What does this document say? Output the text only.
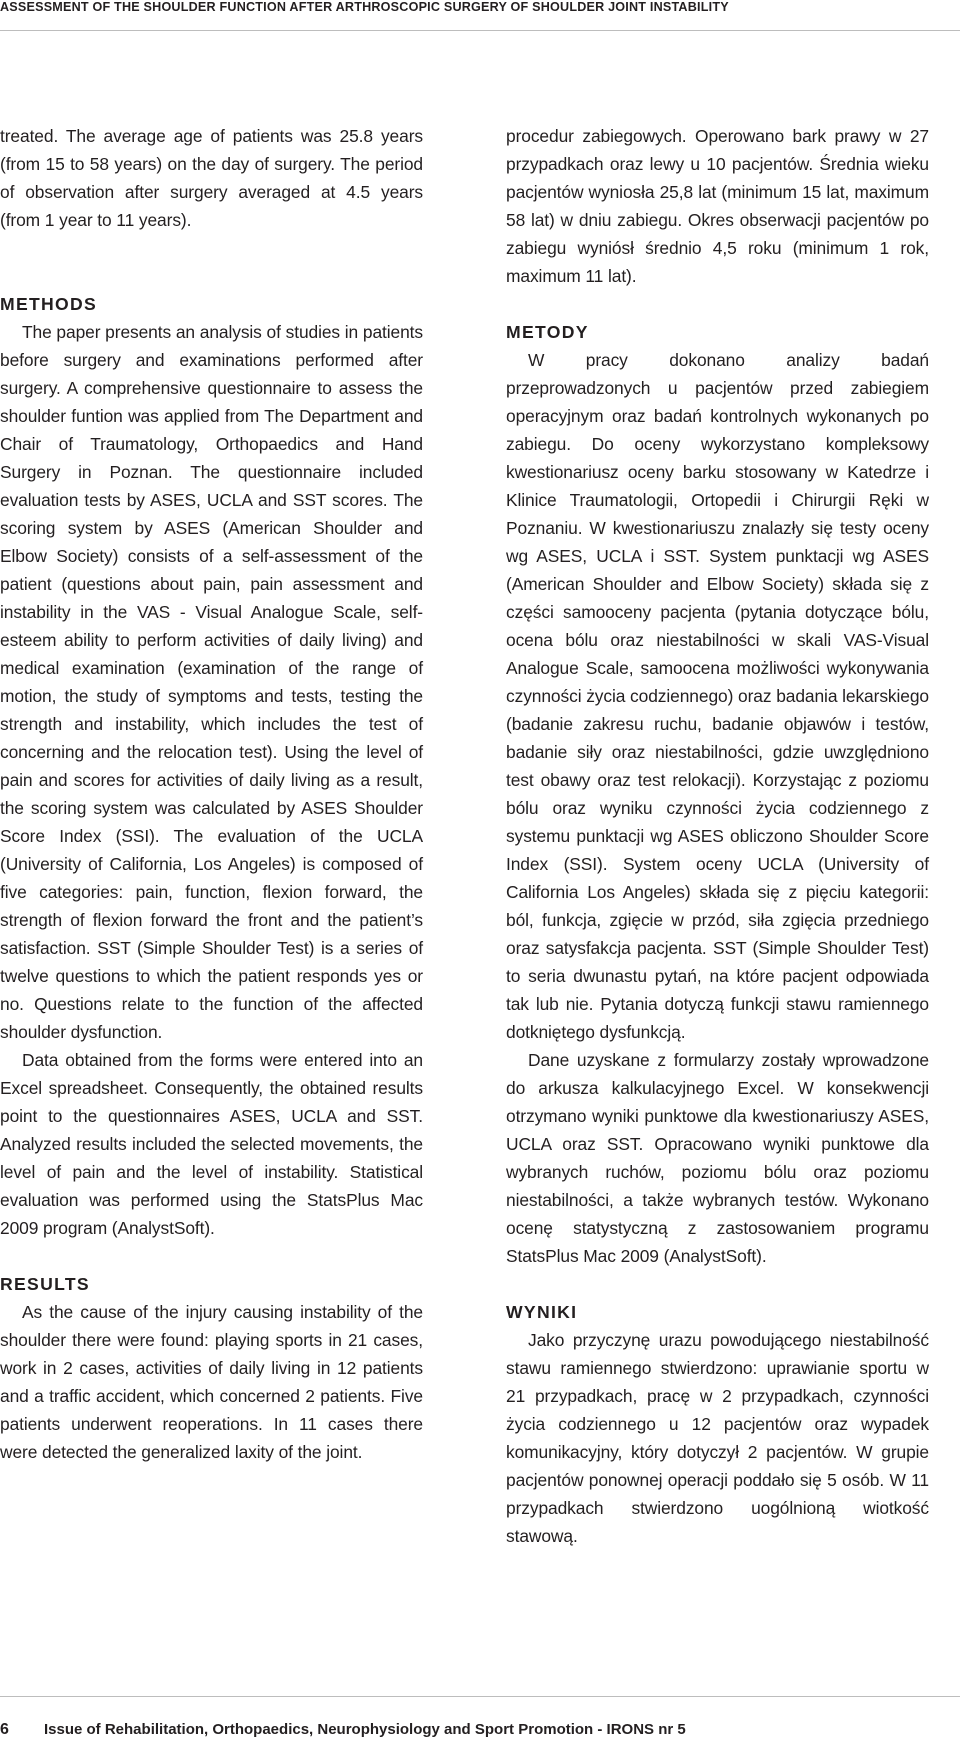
ASSESSMENT OF THE SHOULDER FUNCTION AFTER ARTHROSCOPIC SURGERY OF SHOULDER JOINT INSTABILITY

treated. The average age of patients was 25.8 years (from 15 to 58 years) on the day of surgery. The period of observation after surgery averaged at 4.5 years (from 1 year to 11 years).

METHODS

The paper presents an analysis of studies in patients before surgery and examinations performed after surgery. A comprehensive questionnaire to assess the shoulder funtion was applied from The Department and Chair of Traumatology, Orthopaedics and Hand Surgery in Poznan. The questionnaire included evaluation tests by ASES, UCLA and SST scores. The scoring system by ASES (American Shoulder and Elbow Society) consists of a self-assessment of the patient (questions about pain, pain assessment and instability in the VAS - Visual Analogue Scale, self-esteem ability to perform activities of daily living) and medical examination (examination of the range of motion, the study of symptoms and tests, testing the strength and instability, which includes the test of concerning and the relocation test). Using the level of pain and scores for activities of daily living as a result, the scoring system was calculated by ASES Shoulder Score Index (SSI). The evaluation of the UCLA (University of California, Los Angeles) is composed of five categories: pain, function, flexion forward, the strength of flexion forward the front and the patient’s satisfaction. SST (Simple Shoulder Test) is a series of twelve questions to which the patient responds yes or no. Questions relate to the function of the affected shoulder dysfunction.

Data obtained from the forms were entered into an Excel spreadsheet. Consequently, the obtained results point to the questionnaires ASES, UCLA and SST. Analyzed results included the selected movements, the level of pain and the level of instability. Statistical evaluation was performed using the StatsPlus Mac 2009 program (AnalystSoft).

RESULTS

As the cause of the injury causing instability of the shoulder there were found: playing sports in 21 cases, work in 2 cases, activities of daily living in 12 patients and a traffic accident, which concerned 2 patients. Five patients underwent reoperations. In 11 cases there were detected the generalized laxity of the joint.

procedur zabiegowych. Operowano bark prawy w 27 przypadkach oraz lewy u 10 pacjentów. Średnia wieku pacjentów wyniosła 25,8 lat (minimum 15 lat, maximum 58 lat) w dniu zabiegu. Okres obserwacji pacjentów po zabiegu wyniósł średnio 4,5 roku (minimum 1 rok, maximum 11 lat).

METODY

W pracy dokonano analizy badań przeprowadzonych u pacjentów przed zabiegiem operacyjnym oraz badań kontrolnych wykonanych po zabiegu. Do oceny wykorzystano kompleksowy kwestionariusz oceny barku stosowany w Katedrze i Klinice Traumatologii, Ortopedii i Chirurgii Ręki w Poznaniu. W kwestionariuszu znalazły się testy oceny wg ASES, UCLA i SST. System punktacji wg ASES (American Shoulder and Elbow Society) składa się z części samooceny pacjenta (pytania dotyczące bólu, ocena bólu oraz niestabilności w skali VAS-Visual Analogue Scale, samoocena możliwości wykonywania czynności życia codziennego) oraz badania lekarskiego (badanie zakresu ruchu, badanie objawów i testów, badanie siły oraz niestabilności, gdzie uwzględniono test obawy oraz test relokacji). Korzystając z poziomu bólu oraz wyniku czynności życia codziennego z systemu punktacji wg ASES obliczono Shoulder Score Index (SSI). System oceny UCLA (University of California Los Angeles) składa się z pięciu kategorii: ból, funkcja, zgięcie w przód, siła zgięcia przedniego oraz satysfakcja pacjenta. SST (Simple Shoulder Test) to seria dwunastu pytań, na które pacjent odpowiada tak lub nie. Pytania dotyczą funkcji stawu ramiennego dotkniętego dysfunkcją.

Dane uzyskane z formularzy zostały wprowadzone do arkusza kalkulacyjnego Excel. W konsekwencji otrzymano wyniki punktowe dla kwestionariuszy ASES, UCLA oraz SST. Opracowano wyniki punktowe dla wybranych ruchów, poziomu bólu oraz poziomu niestabilności, a także wybranych testów. Wykonano ocenę statystyczną z zastosowaniem programu StatsPlus Mac 2009 (AnalystSoft).

WYNIKI

Jako przyczynę urazu powodującego niestabilność stawu ramiennego stwierdzono: uprawianie sportu w 21 przypadkach, pracę w 2 przypadkach, czynności życia codziennego u 12 pacjentów oraz wypadek komunikacyjny, który dotyczył 2 pacjentów. W grupie pacjentów ponownej operacji poddało się 5 osób. W 11 przypadkach stwierdzono uogólnioną wiotkość stawową.

6 Issue of Rehabilitation, Orthopaedics, Neurophysiology and Sport Promotion - IRONS nr 5
